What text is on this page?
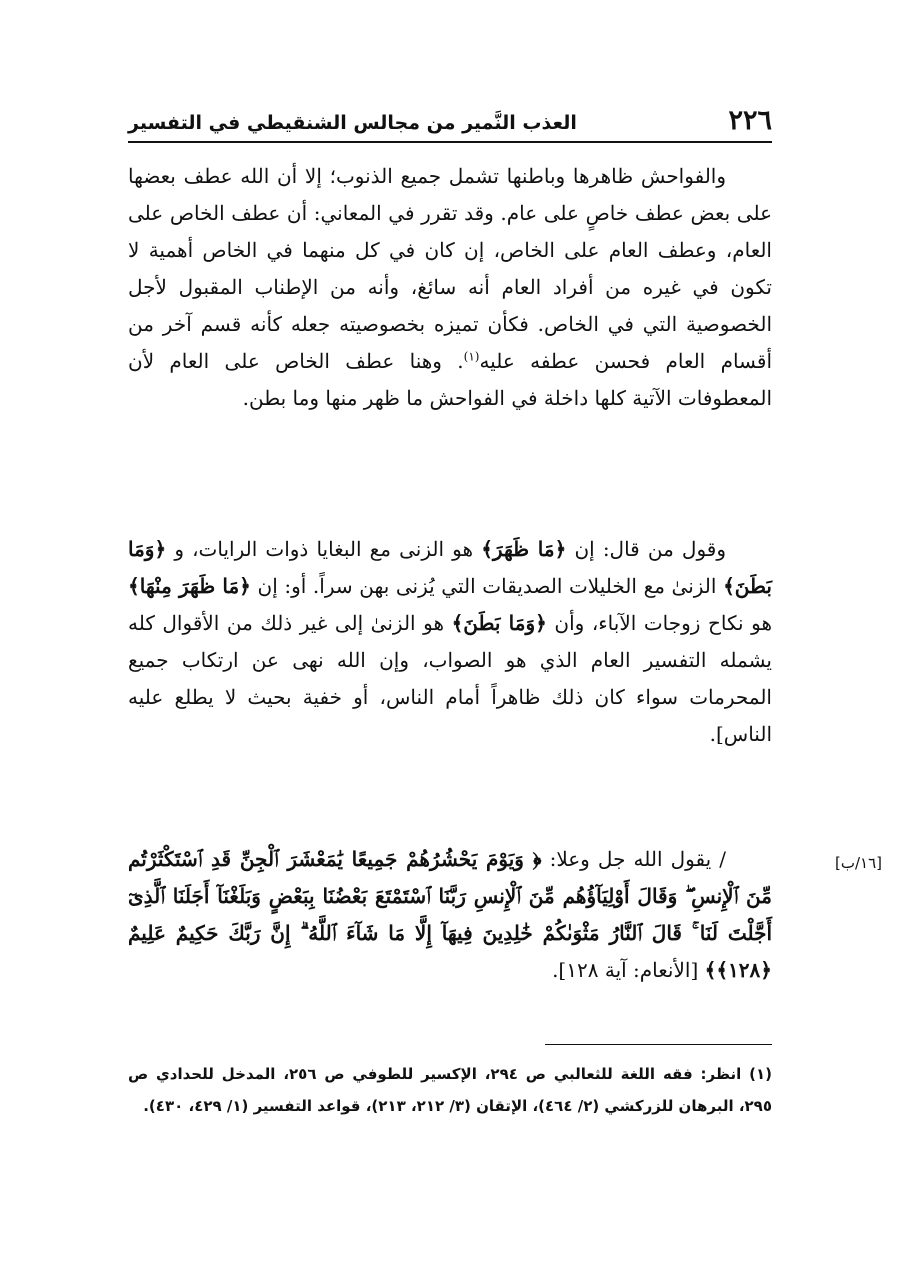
٢٢٦
العذب النَّمير من مجالس الشنقيطي في التفسير

والفواحش ظاهرها وباطنها تشمل جميع الذنوب؛ إلا أن الله عطف بعضها على بعض عطف خاصٍ على عام. وقد تقرر في المعاني: أن عطف الخاص على العام، وعطف العام على الخاص، إن كان في كل منهما في الخاص أهمية لا تكون في غيره من أفراد العام أنه سائغ، وأنه من الإطناب المقبول لأجل الخصوصية التي في الخاص. فكأن تميزه بخصوصيته جعله كأنه قسم آخر من أقسام العام فحسن عطفه عليه$^{(١)}$. وهنا عطف الخاص على العام لأن المعطوفات الآتية كلها داخلة في الفواحش ما ظهر منها وما بطن.

وقول من قال: إن ﴿مَا ظَهَرَ﴾ هو الزنى مع البغايا ذوات الرايات، و ﴿وَمَا بَطَنَ﴾ الزنىٰ مع الخليلات الصديقات التي يُزنى بهن سراً. أو: إن ﴿مَا ظَهَرَ مِنْهَا﴾ هو نكاح زوجات الآباء، وأن ﴿وَمَا بَطَنَ﴾ هو الزنىٰ إلى غير ذلك من الأقوال كله يشمله التفسير العام الذي هو الصواب، وإن الله نهى عن ارتكاب جميع المحرمات سواء كان ذلك ظاهراً أمام الناس، أو خفية بحيث لا يطلع عليه الناس].

[١٦/ب]

/ يقول الله جل وعلا: ﴿ وَيَوْمَ يَحْشُرُهُمْ جَمِيعًا يَٰمَعْشَرَ ٱلْجِنِّ قَدِ ٱسْتَكْثَرْتُم مِّنَ ٱلْإِنسِ ۖ وَقَالَ أَوْلِيَآؤُهُم مِّنَ ٱلْإِنسِ رَبَّنَا ٱسْتَمْتَعَ بَعْضُنَا بِبَعْضٍ وَبَلَغْنَآ أَجَلَنَا ٱلَّذِىٓ أَجَّلْتَ لَنَا ۚ قَالَ ٱلنَّارُ مَثْوَىٰكُمْ خَٰلِدِينَ فِيهَآ إِلَّا مَا شَآءَ ٱللَّهُ ۗ إِنَّ رَبَّكَ حَكِيمٌ عَلِيمٌ ﴿١٢٨﴾﴾ [الأنعام: آية ١٢٨].

(١) انظر: فقه اللغة للثعالبي ص ٢٩٤، الإكسير للطوفي ص ٢٥٦، المدخل للحدادي ص ٢٩٥، البرهان للزركشي (٢/ ٤٦٤)، الإتقان (٣/ ٢١٢، ٢١٣)، قواعد التفسير (١/ ٤٢٩، ٤٣٠).
